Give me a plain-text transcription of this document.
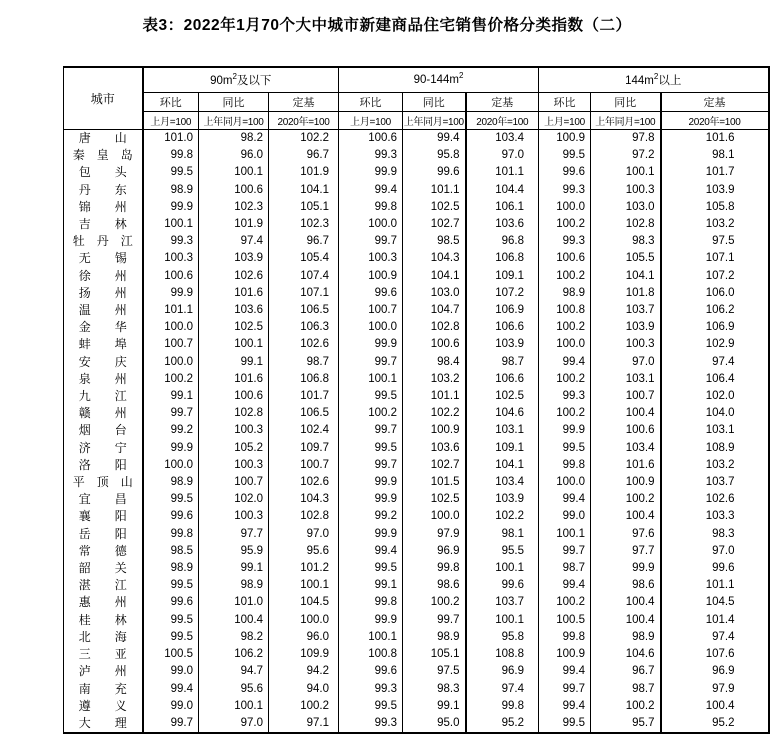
表3：2022年1月70个大中城市新建商品住宅销售价格分类指数（二）
城市	$90m^2$及以下			$90-144m^2$			$144m^2$以上		
	环比	同比	定基	环比	同比	定基	环比	同比	定基
	上月=100	上年同月=100	2020年=100	上月=100	上年同月=100	2020年=100	上月=100	上年同月=100	2020年=100
唐　　山	101.0	98.2	102.2	100.6	99.4	103.4	100.9	97.8	101.6
秦　皇　岛	99.8	96.0	96.7	99.3	95.8	97.0	99.5	97.2	98.1
包　　头	99.5	100.1	101.9	99.9	99.6	101.1	99.6	100.1	101.7
丹　　东	98.9	100.6	104.1	99.4	101.1	104.4	99.3	100.3	103.9
锦　　州	99.9	102.3	105.1	99.8	102.5	106.1	100.0	103.0	105.8
吉　　林	100.1	101.9	102.3	100.0	102.7	103.6	100.2	102.8	103.2
牡　丹　江	99.3	97.4	96.7	99.7	98.5	96.8	99.3	98.3	97.5
无　　锡	100.3	103.9	105.4	100.3	104.3	106.8	100.6	105.5	107.1
徐　　州	100.6	102.6	107.4	100.9	104.1	109.1	100.2	104.1	107.2
扬　　州	99.9	101.6	107.1	99.6	103.0	107.2	98.9	101.8	106.0
温　　州	101.1	103.6	106.5	100.7	104.7	106.9	100.8	103.7	106.2
金　　华	100.0	102.5	106.3	100.0	102.8	106.6	100.2	103.9	106.9
蚌　　埠	100.7	100.1	102.6	99.9	100.6	103.9	100.0	100.3	102.9
安　　庆	100.0	99.1	98.7	99.7	98.4	98.7	99.4	97.0	97.4
泉　　州	100.2	101.6	106.8	100.1	103.2	106.6	100.2	103.1	106.4
九　　江	99.1	100.6	101.7	99.5	101.1	102.5	99.3	100.7	102.0
赣　　州	99.7	102.8	106.5	100.2	102.2	104.6	100.2	100.4	104.0
烟　　台	99.2	100.3	102.4	99.7	100.9	103.1	99.9	100.6	103.1
济　　宁	99.9	105.2	109.7	99.5	103.6	109.1	99.5	103.4	108.9
洛　　阳	100.0	100.3	100.7	99.7	102.7	104.1	99.8	101.6	103.2
平　顶　山	98.9	100.7	102.6	99.9	101.5	103.4	100.0	100.9	103.7
宜　　昌	99.5	102.0	104.3	99.9	102.5	103.9	99.4	100.2	102.6
襄　　阳	99.6	100.3	102.8	99.2	100.0	102.2	99.0	100.4	103.3
岳　　阳	99.8	97.7	97.0	99.9	97.9	98.1	100.1	97.6	98.3
常　　德	98.5	95.9	95.6	99.4	96.9	95.5	99.7	97.7	97.0
韶　　关	98.9	99.1	101.2	99.5	99.8	100.1	98.7	99.9	99.6
湛　　江	99.5	98.9	100.1	99.1	98.6	99.6	99.4	98.6	101.1
惠　　州	99.6	101.0	104.5	99.8	100.2	103.7	100.2	100.4	104.5
桂　　林	99.5	100.4	100.0	99.9	99.7	100.1	100.5	100.4	101.4
北　　海	99.5	98.2	96.0	100.1	98.9	95.8	99.8	98.9	97.4
三　　亚	100.5	106.2	109.9	100.8	105.1	108.8	100.9	104.6	107.6
泸　　州	99.0	94.7	94.2	99.6	97.5	96.9	99.4	96.7	96.9
南　　充	99.4	95.6	94.0	99.3	98.3	97.4	99.7	98.7	97.9
遵　　义	99.0	100.1	100.2	99.5	99.1	99.8	99.4	100.2	100.4
大　　理	99.7	97.0	97.1	99.3	95.0	95.2	99.5	95.7	95.2
